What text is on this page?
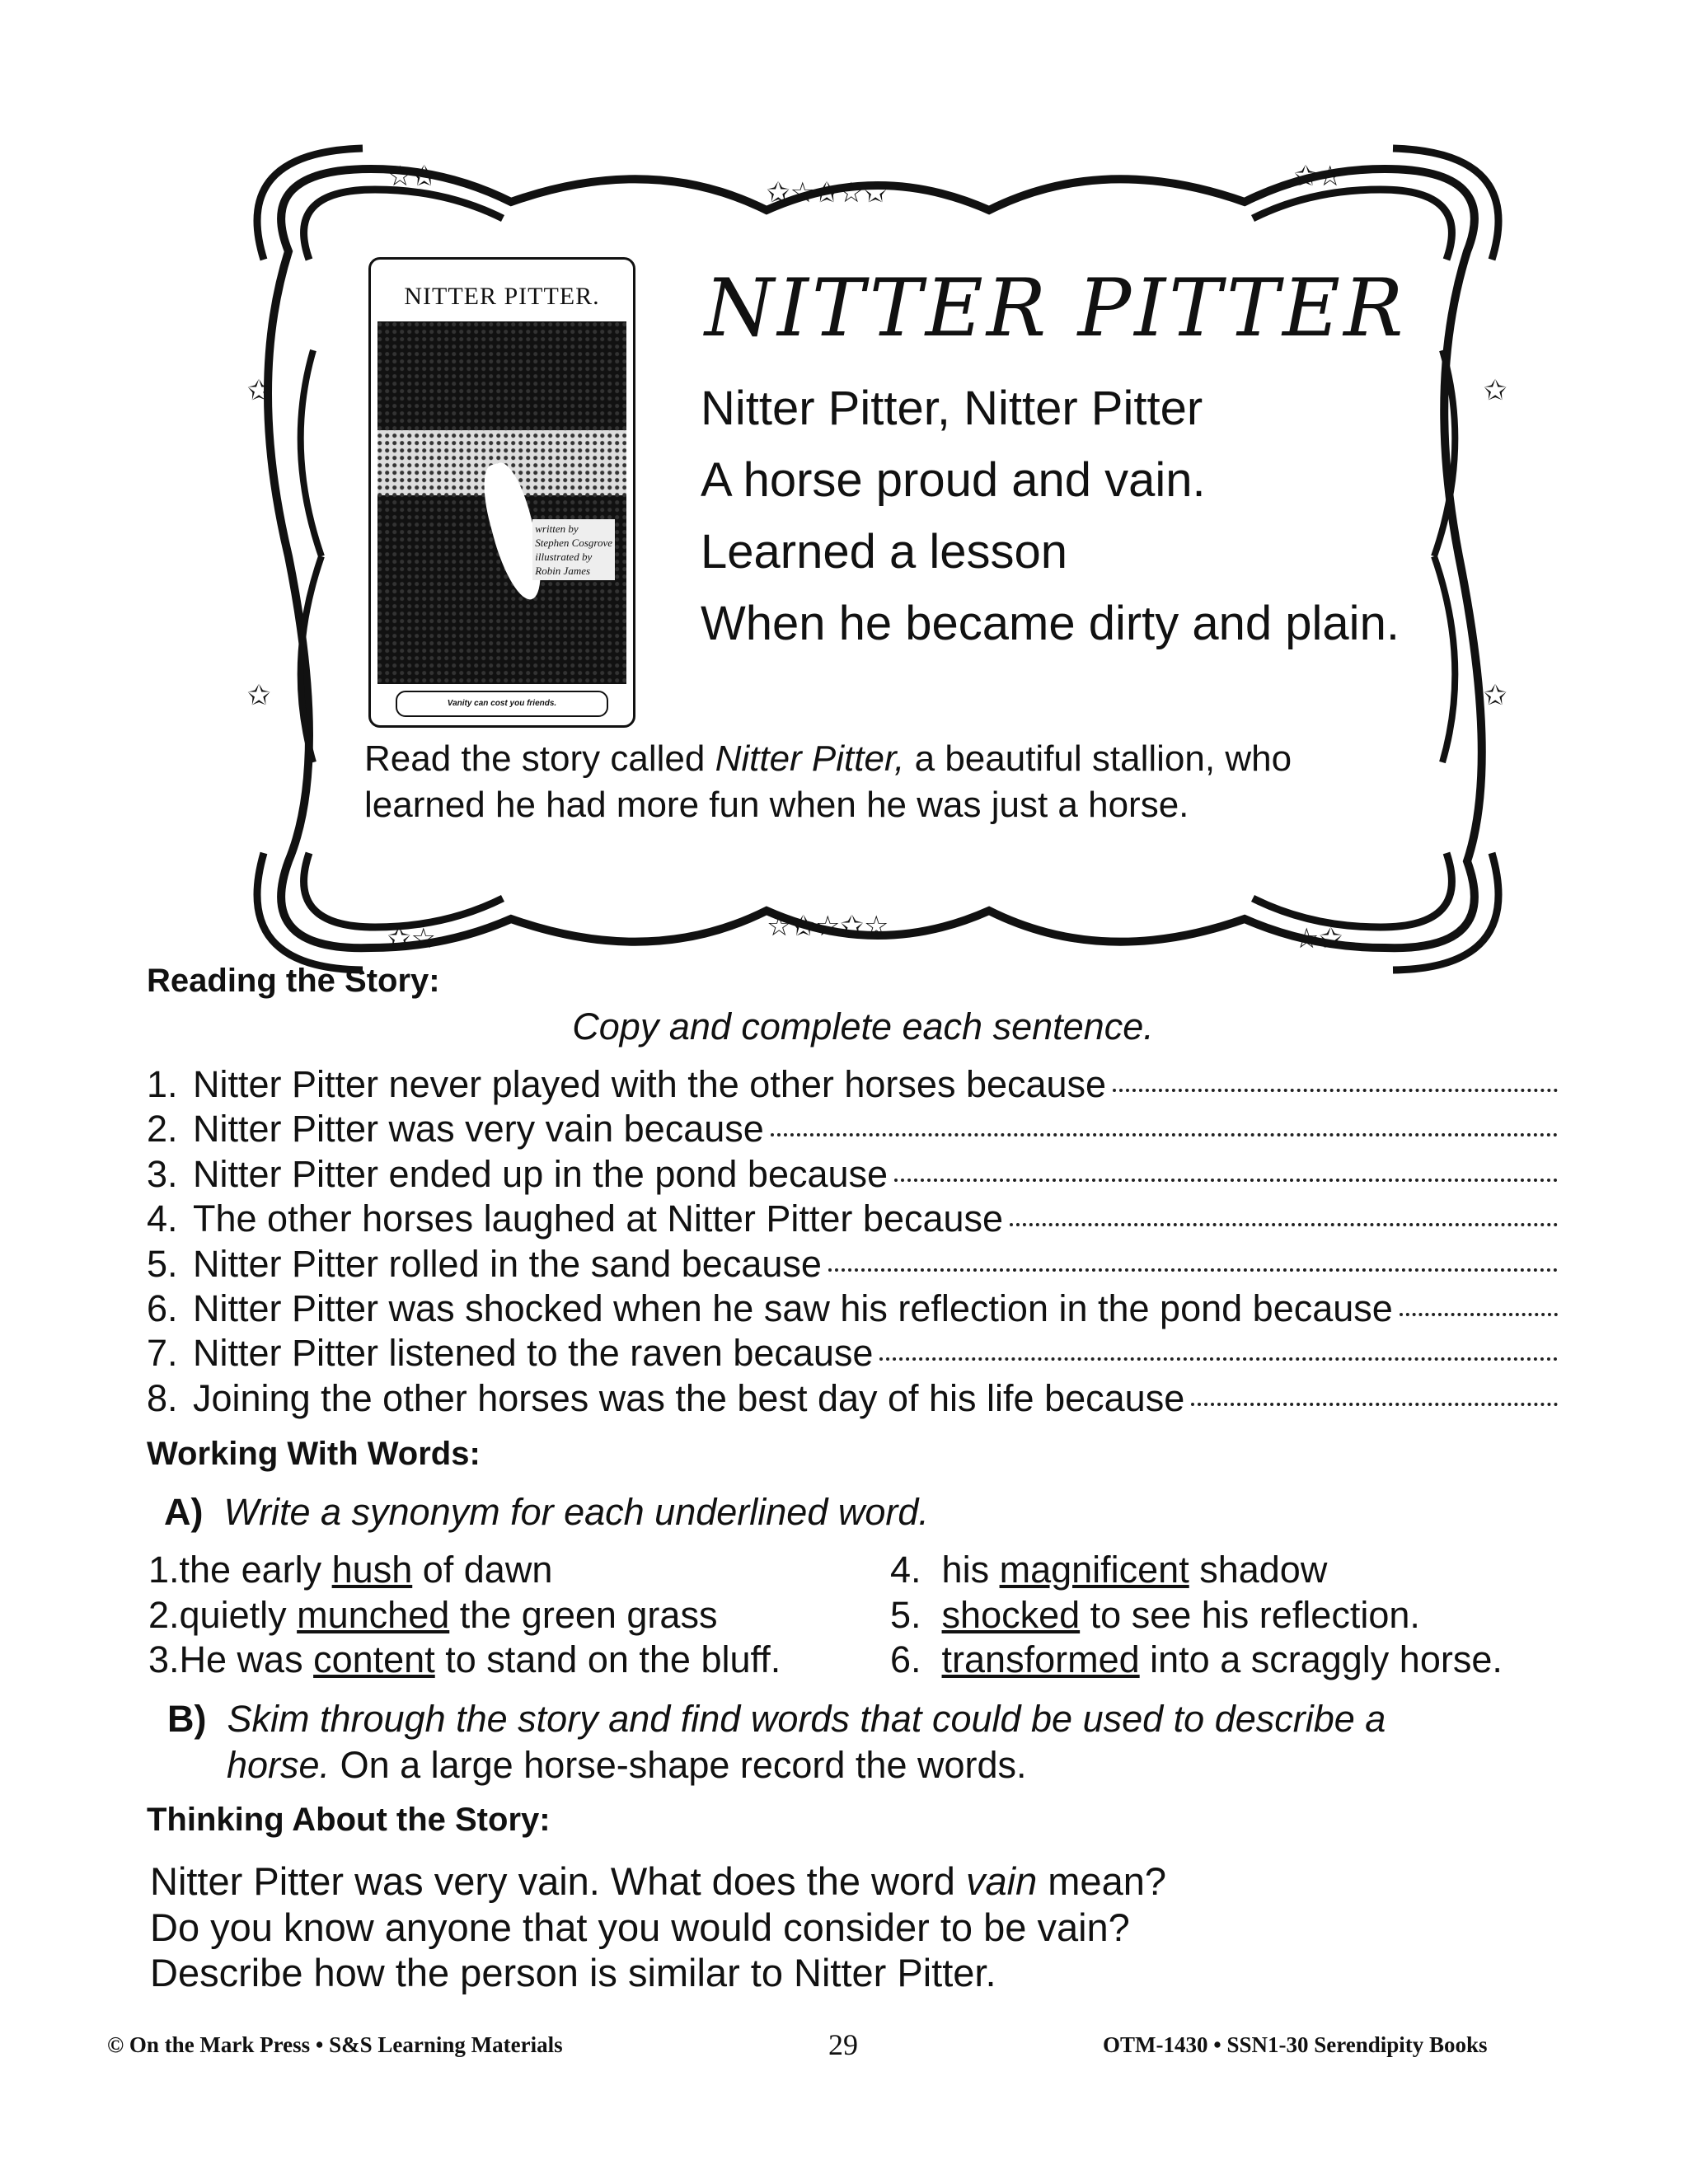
✩☆✩☆✩
☆✩☆✩☆
☆✩	✩☆
✩☆	☆✩
✩	✩
✩	✩
NITTER PITTER.
written by
Stephen Cosgrove
illustrated by
Robin James
Vanity can cost you friends.
NITTER PITTER
Nitter Pitter, Nitter Pitter
A horse proud and vain.
Learned a lesson
When he became dirty and plain.
Read the story called Nitter Pitter, a beautiful stallion, who
learned he had more fun when he was just a horse.
Reading the Story:
Copy and complete each sentence.
1. Nitter Pitter never played with the other horses because
2. Nitter Pitter was very vain because
3. Nitter Pitter ended up in the pond because
4. The other horses laughed at Nitter Pitter because
5. Nitter Pitter rolled in the sand because
6. Nitter Pitter was shocked when he saw his reflection in the pond because
7. Nitter Pitter listened to the raven because
8. Joining the other horses was the best day of his life because
Working With Words:
A) Write a synonym for each underlined word.
1.the early hush of dawn
2.quietly munched the green grass
3.He was content to stand on the bluff.
4. his magnificent shadow
5. shocked to see his reflection.
6. transformed into a scraggly horse.
B) Skim through the story and find words that could be used to describe a
horse. On a large horse-shape record the words.
Thinking About the Story:
Nitter Pitter was very vain. What does the word vain mean?
Do you know anyone that you would consider to be vain?
Describe how the person is similar to Nitter Pitter.
© On the Mark Press • S&S Learning Materials	29	OTM-1430 • SSN1-30 Serendipity Books
